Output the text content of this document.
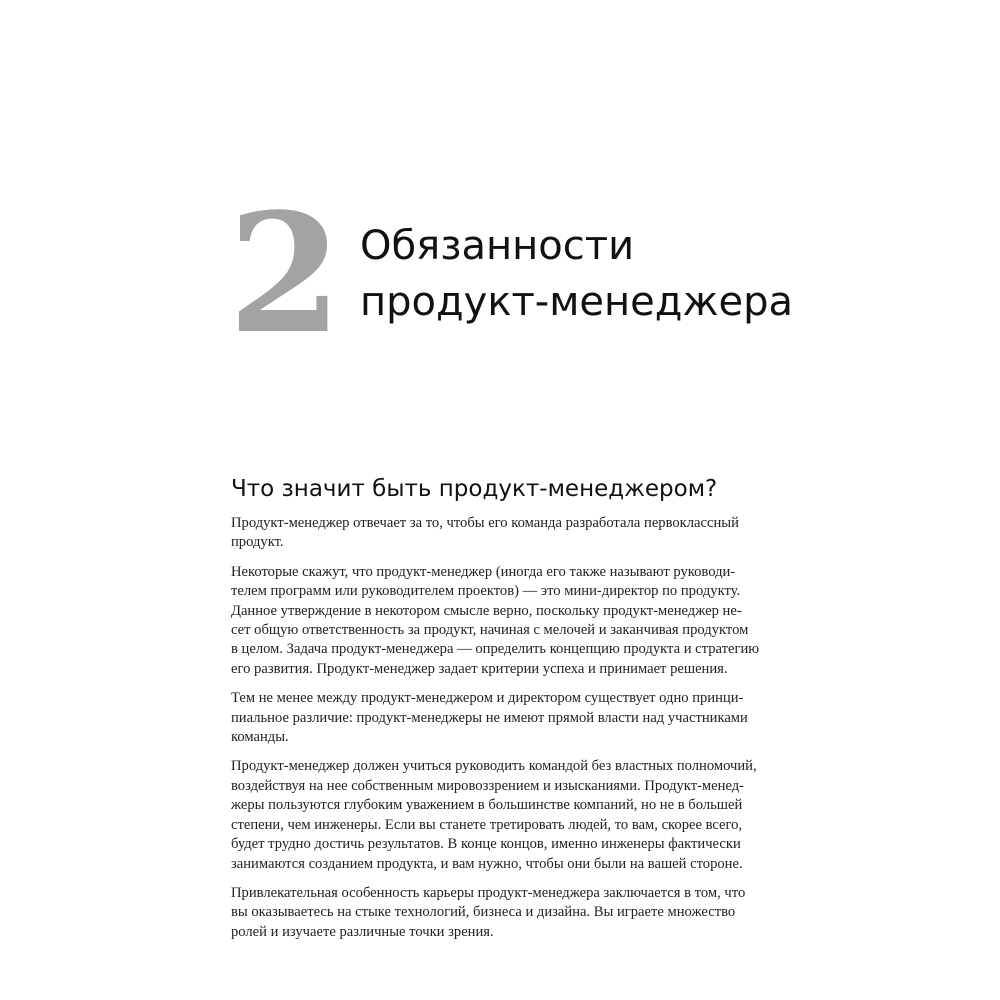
2 Обязанности
продукт-менеджера
Что значит быть продукт-менеджером?

Продукт-менеджер отвечает за то, чтобы его команда разработала первоклассный
продукт.

Некоторые скажут, что продукт-менеджер (иногда его также называют руководи-
телем программ или руководителем проектов) — это мини-директор по продукту.
Данное утверждение в некотором смысле верно, поскольку продукт-менеджер не-
сет общую ответственность за продукт, начиная с мелочей и заканчивая продуктом
в целом. Задача продукт-менеджера — определить концепцию продукта и стратегию
его развития. Продукт-менеджер задает критерии успеха и принимает решения.

Тем не менее между продукт-менеджером и директором существует одно принци-
пиальное различие: продукт-менеджеры не имеют прямой власти над участниками
команды.

Продукт-менеджер должен учиться руководить командой без властных полномочий,
воздействуя на нее собственным мировоззрением и изысканиями. Продукт-менед-
жеры пользуются глубоким уважением в большинстве компаний, но не в большей
степени, чем инженеры. Если вы станете третировать людей, то вам, скорее всего,
будет трудно достичь результатов. В конце концов, именно инженеры фактически
занимаются созданием продукта, и вам нужно, чтобы они были на вашей стороне.

Привлекательная особенность карьеры продукт-менеджера заключается в том, что
вы оказываетесь на стыке технологий, бизнеса и дизайна. Вы играете множество
ролей и изучаете различные точки зрения.
